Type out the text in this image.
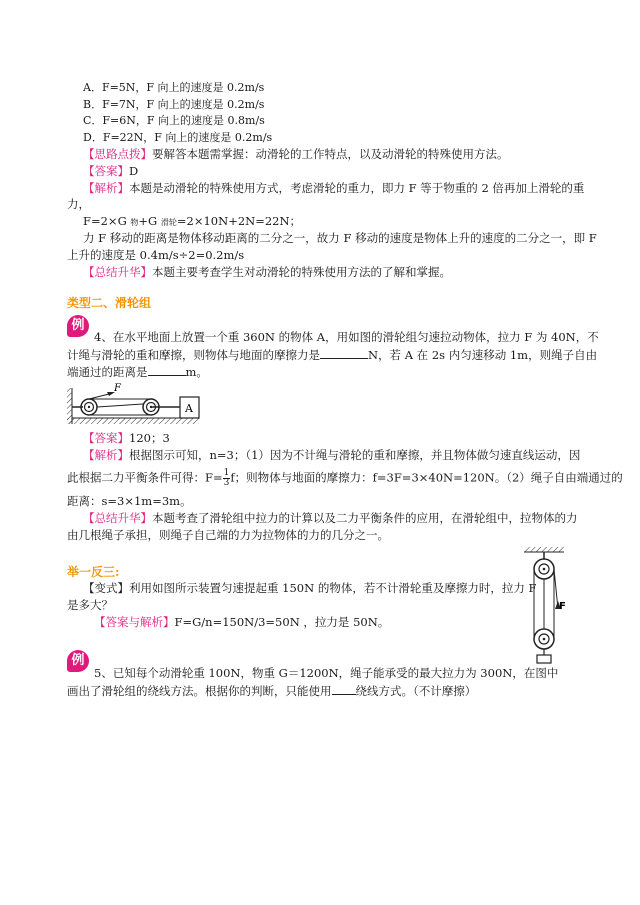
A．F=5N，F 向上的速度是 0.2m/s
B．F=7N，F 向上的速度是 0.2m/s
C．F=6N，F 向上的速度是 0.8m/s
D．F=22N，F 向上的速度是 0.2m/s
【思路点拨】要解答本题需掌握：动滑轮的工作特点，以及动滑轮的特殊使用方法。
【答案】D
【解析】本题是动滑轮的特殊使用方式，考虑滑轮的重力，即力 F 等于物重的 2 倍再加上滑轮的重
力，
F=2×G 物+G 滑轮=2×10N+2N=22N；
力 F 移动的距离是物体移动距离的二分之一，故力 F 移动的速度是物体上升的速度的二分之一，即 F
上升的速度是 0.4m/s÷2=0.2m/s
【总结升华】本题主要考查学生对动滑轮的特殊使用方法的了解和掌握。
类型二、滑轮组
例
4、在水平地面上放置一个重 360N 的物体 A，用如图的滑轮组匀速拉动物体，拉力 F 为 40N，不
计绳与滑轮的重和摩擦，则物体与地面的摩擦力是	N，若 A 在 2s 内匀速移动 1m，则绳子自由
端通过的距离是	m。
A
F
【答案】120；3
【解析】根据图示可知，n=3；（1）因为不计绳与滑轮的重和摩擦，并且物体做匀速直线运动，因
此根据二力平衡条件可得：$F= \frac{1}{3}$ f；则物体与地面的摩擦力：f=3F=3×40N=120N。（2）绳子自由端通过的
距离：s=3×1m=3m。
【总结升华】本题考查了滑轮组中拉力的计算以及二力平衡条件的应用，在滑轮组中，拉物体的力
由几根绳子承担，则绳子自己端的力为拉物体的力的几分之一。
举一反三:
【变式】利用如图所示装置匀速提起重 150N 的物体，若不计滑轮重及摩擦力时，拉力 F
是多大？
【答案与解析】F=G/n=150N/3=50N ，拉力是 50N。
F
例
5、已知每个动滑轮重 100N，物重 G＝1200N，绳子能承受的最大拉力为 300N，在图中
画出了滑轮组的绕线方法。根据你的判断，只能使用 绕线方式。（不计摩擦）
